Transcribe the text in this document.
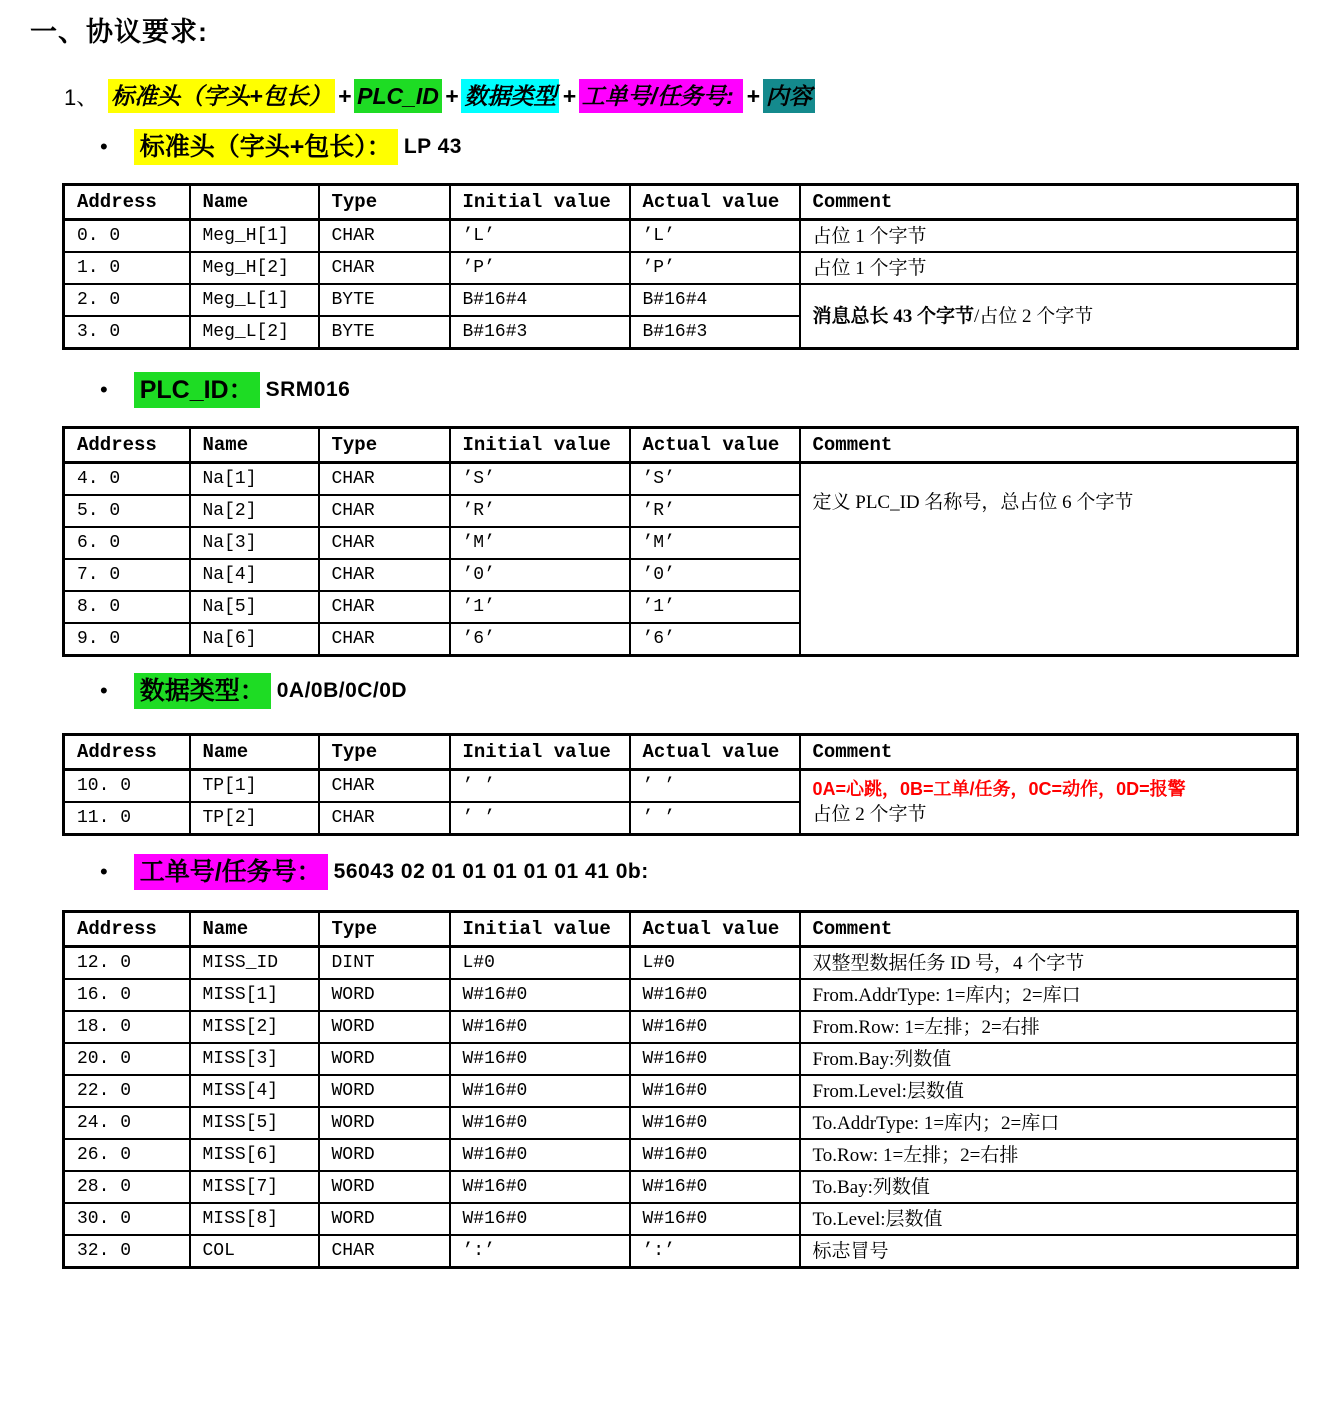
一、协议要求:
1、 标准头（字头+包长） + PLC_ID + 数据类型 + 工单号/任务号: + 内容
• 标准头（字头+包长）： LP 43
Address	Name	Type	Initial value	Actual value	Comment
0. 0	Meg_H[1]	CHAR	’L’	’L’	占位 1 个字节

1. 0	Meg_H[2]	CHAR	’P’	’P’	占位 1 个字节

2. 0	Meg_L[1]	BYTE	B#16#4	B#16#4	消息总长 43 个字节/占位 2 个字节

3. 0	Meg_L[2]	BYTE	B#16#3	B#16#3	
• PLC_ID： SRM016
Address	Name	Type	Initial value	Actual value	Comment
4. 0	Na[1]	CHAR	’S’	’S’	定义 PLC_ID 名称号，总占位 6 个字节

5. 0	Na[2]	CHAR	’R’	’R’	
6. 0	Na[3]	CHAR	’M’	’M’	
7. 0	Na[4]	CHAR	’0’	’0’	
8. 0	Na[5]	CHAR	’1’	’1’	
9. 0	Na[6]	CHAR	’6’	’6’	
• 数据类型： 0A/0B/0C/0D
Address	Name	Type	Initial value	Actual value	Comment
10. 0	TP[1]	CHAR	’ ’	’ ’	0A=心跳，0B=工单/任务，0C=动作，0D=报警
占位 2 个字节

11. 0	TP[2]	CHAR	’ ’	’ ’	
• 工单号/任务号： 56043 02 01 01 01 01 01 41 0b:
Address	Name	Type	Initial value	Actual value	Comment
12. 0	MISS_ID	DINT	L#0	L#0	双整型数据任务 ID 号，4 个字节

16. 0	MISS[1]	WORD	W#16#0	W#16#0	From.AddrType: 1=库内；2=库口

18. 0	MISS[2]	WORD	W#16#0	W#16#0	From.Row: 1=左排；2=右排

20. 0	MISS[3]	WORD	W#16#0	W#16#0	From.Bay:列数值

22. 0	MISS[4]	WORD	W#16#0	W#16#0	From.Level:层数值

24. 0	MISS[5]	WORD	W#16#0	W#16#0	To.AddrType: 1=库内；2=库口

26. 0	MISS[6]	WORD	W#16#0	W#16#0	To.Row: 1=左排；2=右排

28. 0	MISS[7]	WORD	W#16#0	W#16#0	To.Bay:列数值

30. 0	MISS[8]	WORD	W#16#0	W#16#0	To.Level:层数值

32. 0	COL	CHAR	’:’	’:’	标志冒号
